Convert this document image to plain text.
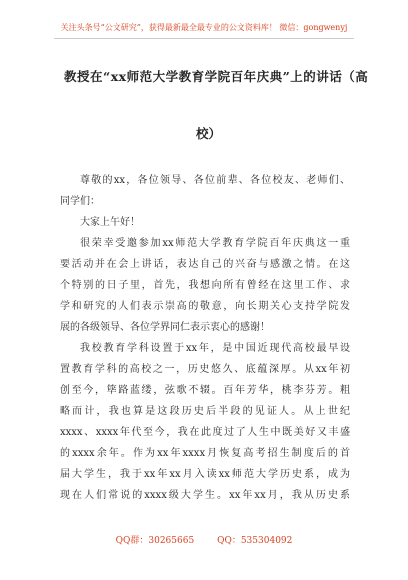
关注头条号“公文研究”，获得最新最全最专业的公文资料库！ 微信：gongwenyj
教授在“xx师范大学教育学院百年庆典”上的讲话（高
校）

尊敬的xx，各位领导、各位前辈、各位校友、老师们、

同学们：

大家上午好！

很荣幸受邀参加xx师范大学教育学院百年庆典这一重

要活动并在会上讲话，表达自己的兴奋与感激之情。在这

个特别的日子里，首先，我想向所有曾经在这里工作、求

学和研究的人们表示崇高的敬意，向长期关心支持学院发

展的各级领导、各位学界同仁表示衷心的感谢！

我校教育学科设置于xx年，是中国近现代高校最早设

置教育学科的高校之一，历史悠久、底蕴深厚。从xx年初

创至今，筚路蓝缕，弦歌不辍。百年芳华，桃李芬芳。粗

略而计，我也算是这段历史后半段的见证人。从上世纪

xxxx、xxxx年代至今，我在此度过了人生中既美好又丰盛

的xxxx余年。作为xx年xxxx月恢复高考招生制度后的首

届大学生，我于xx年xx月入读xx师范大学历史系，成为

现在人们常说的xxxx级大学生。xx年xx月，我从历史系

QQ群：30265665	QQ：535304092
